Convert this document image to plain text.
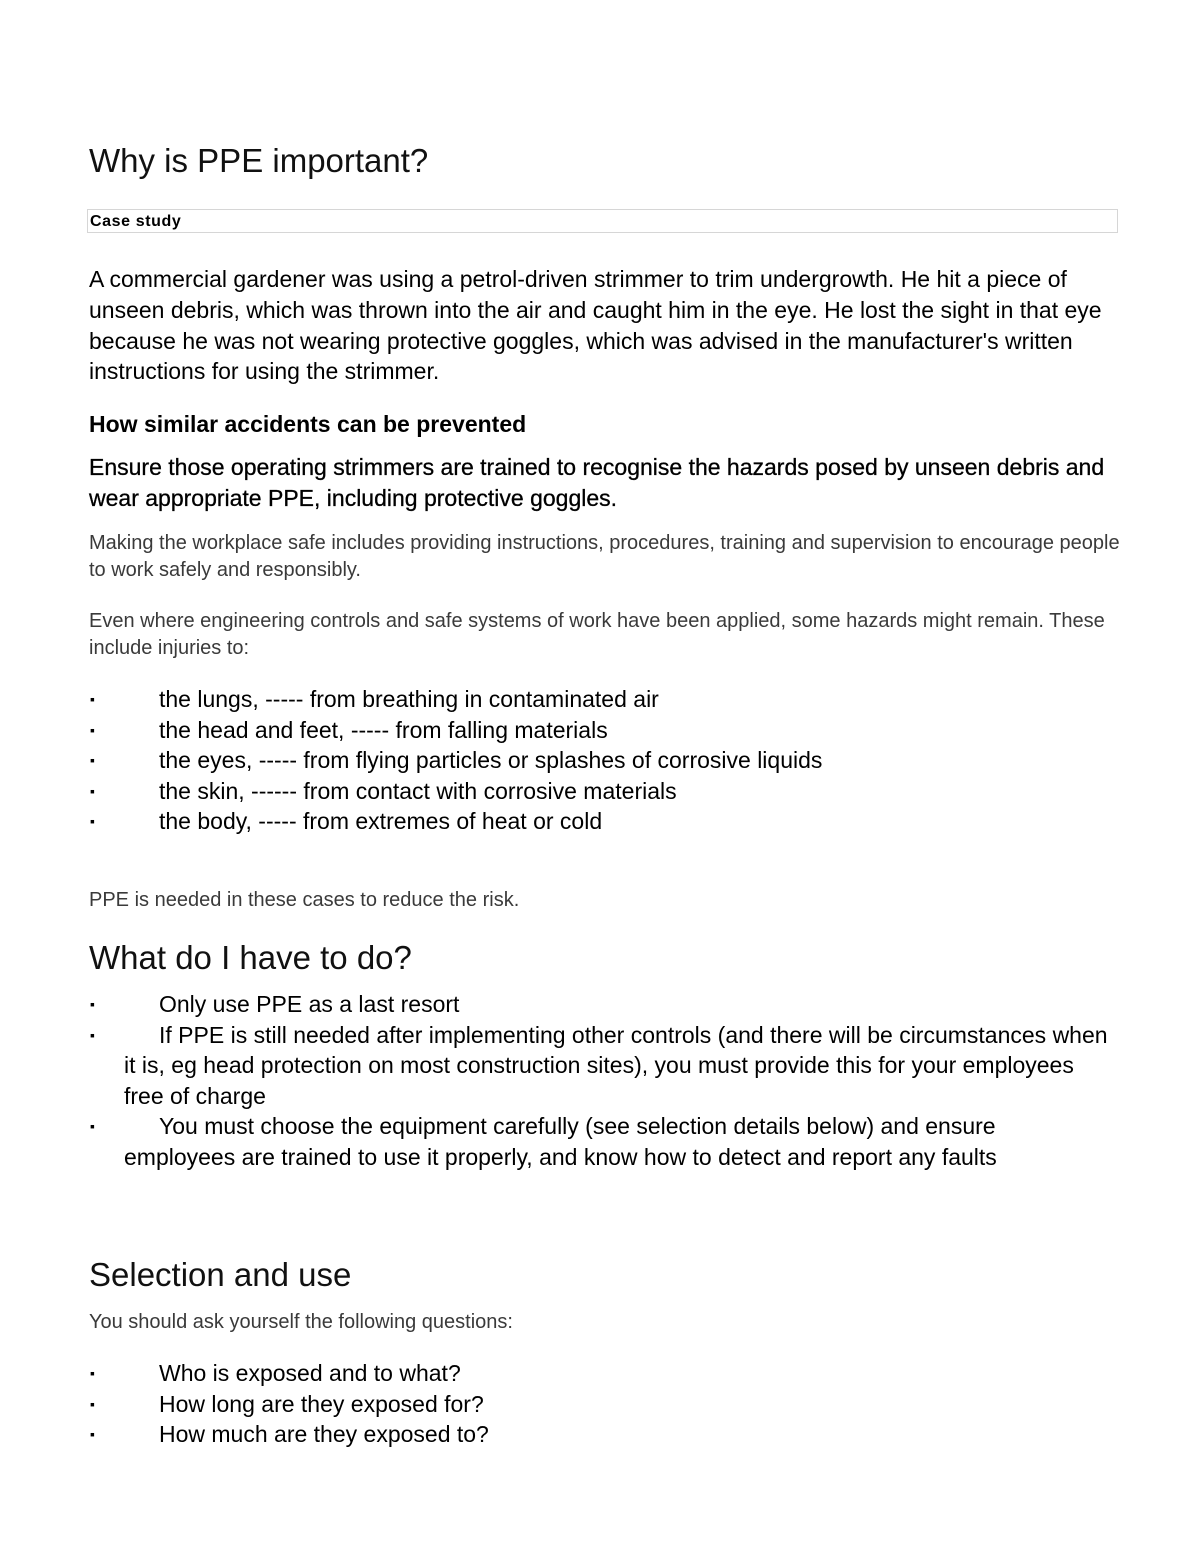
Why is PPE important?
Case study

A commercial gardener was using a petrol-driven strimmer to trim undergrowth. He hit a piece of unseen debris, which was thrown into the air and caught him in the eye. He lost the sight in that eye because he was not wearing protective goggles, which was advised in the manufacturer's written instructions for using the strimmer.

How similar accidents can be prevented

Ensure those operating strimmers are trained to recognise the hazards posed by unseen debris and wear appropriate PPE, including protective goggles.

Making the workplace safe includes providing instructions, procedures, training and supervision to encourage people to work safely and responsibly.

Even where engineering controls and safe systems of work have been applied, some hazards might remain. These include injuries to:

▪	the lungs, ----- from breathing in contaminated air
▪	the head and feet, ----- from falling materials
▪	the eyes, ----- from flying particles or splashes of corrosive liquids
▪	the skin, ------ from contact with corrosive materials
▪	the body, ----- from extremes of heat or cold

PPE is needed in these cases to reduce the risk.

What do I have to do?
▪	Only use PPE as a last resort
▪	If PPE is still needed after implementing other controls (and there will be circumstances when it is, eg head protection on most construction sites), you must provide this for your employees free of charge
▪	You must choose the equipment carefully (see selection details below) and ensure employees are trained to use it properly, and know how to detect and report any faults
Selection and use

You should ask yourself the following questions:

▪	Who is exposed and to what?
▪	How long are they exposed for?
▪	How much are they exposed to?
